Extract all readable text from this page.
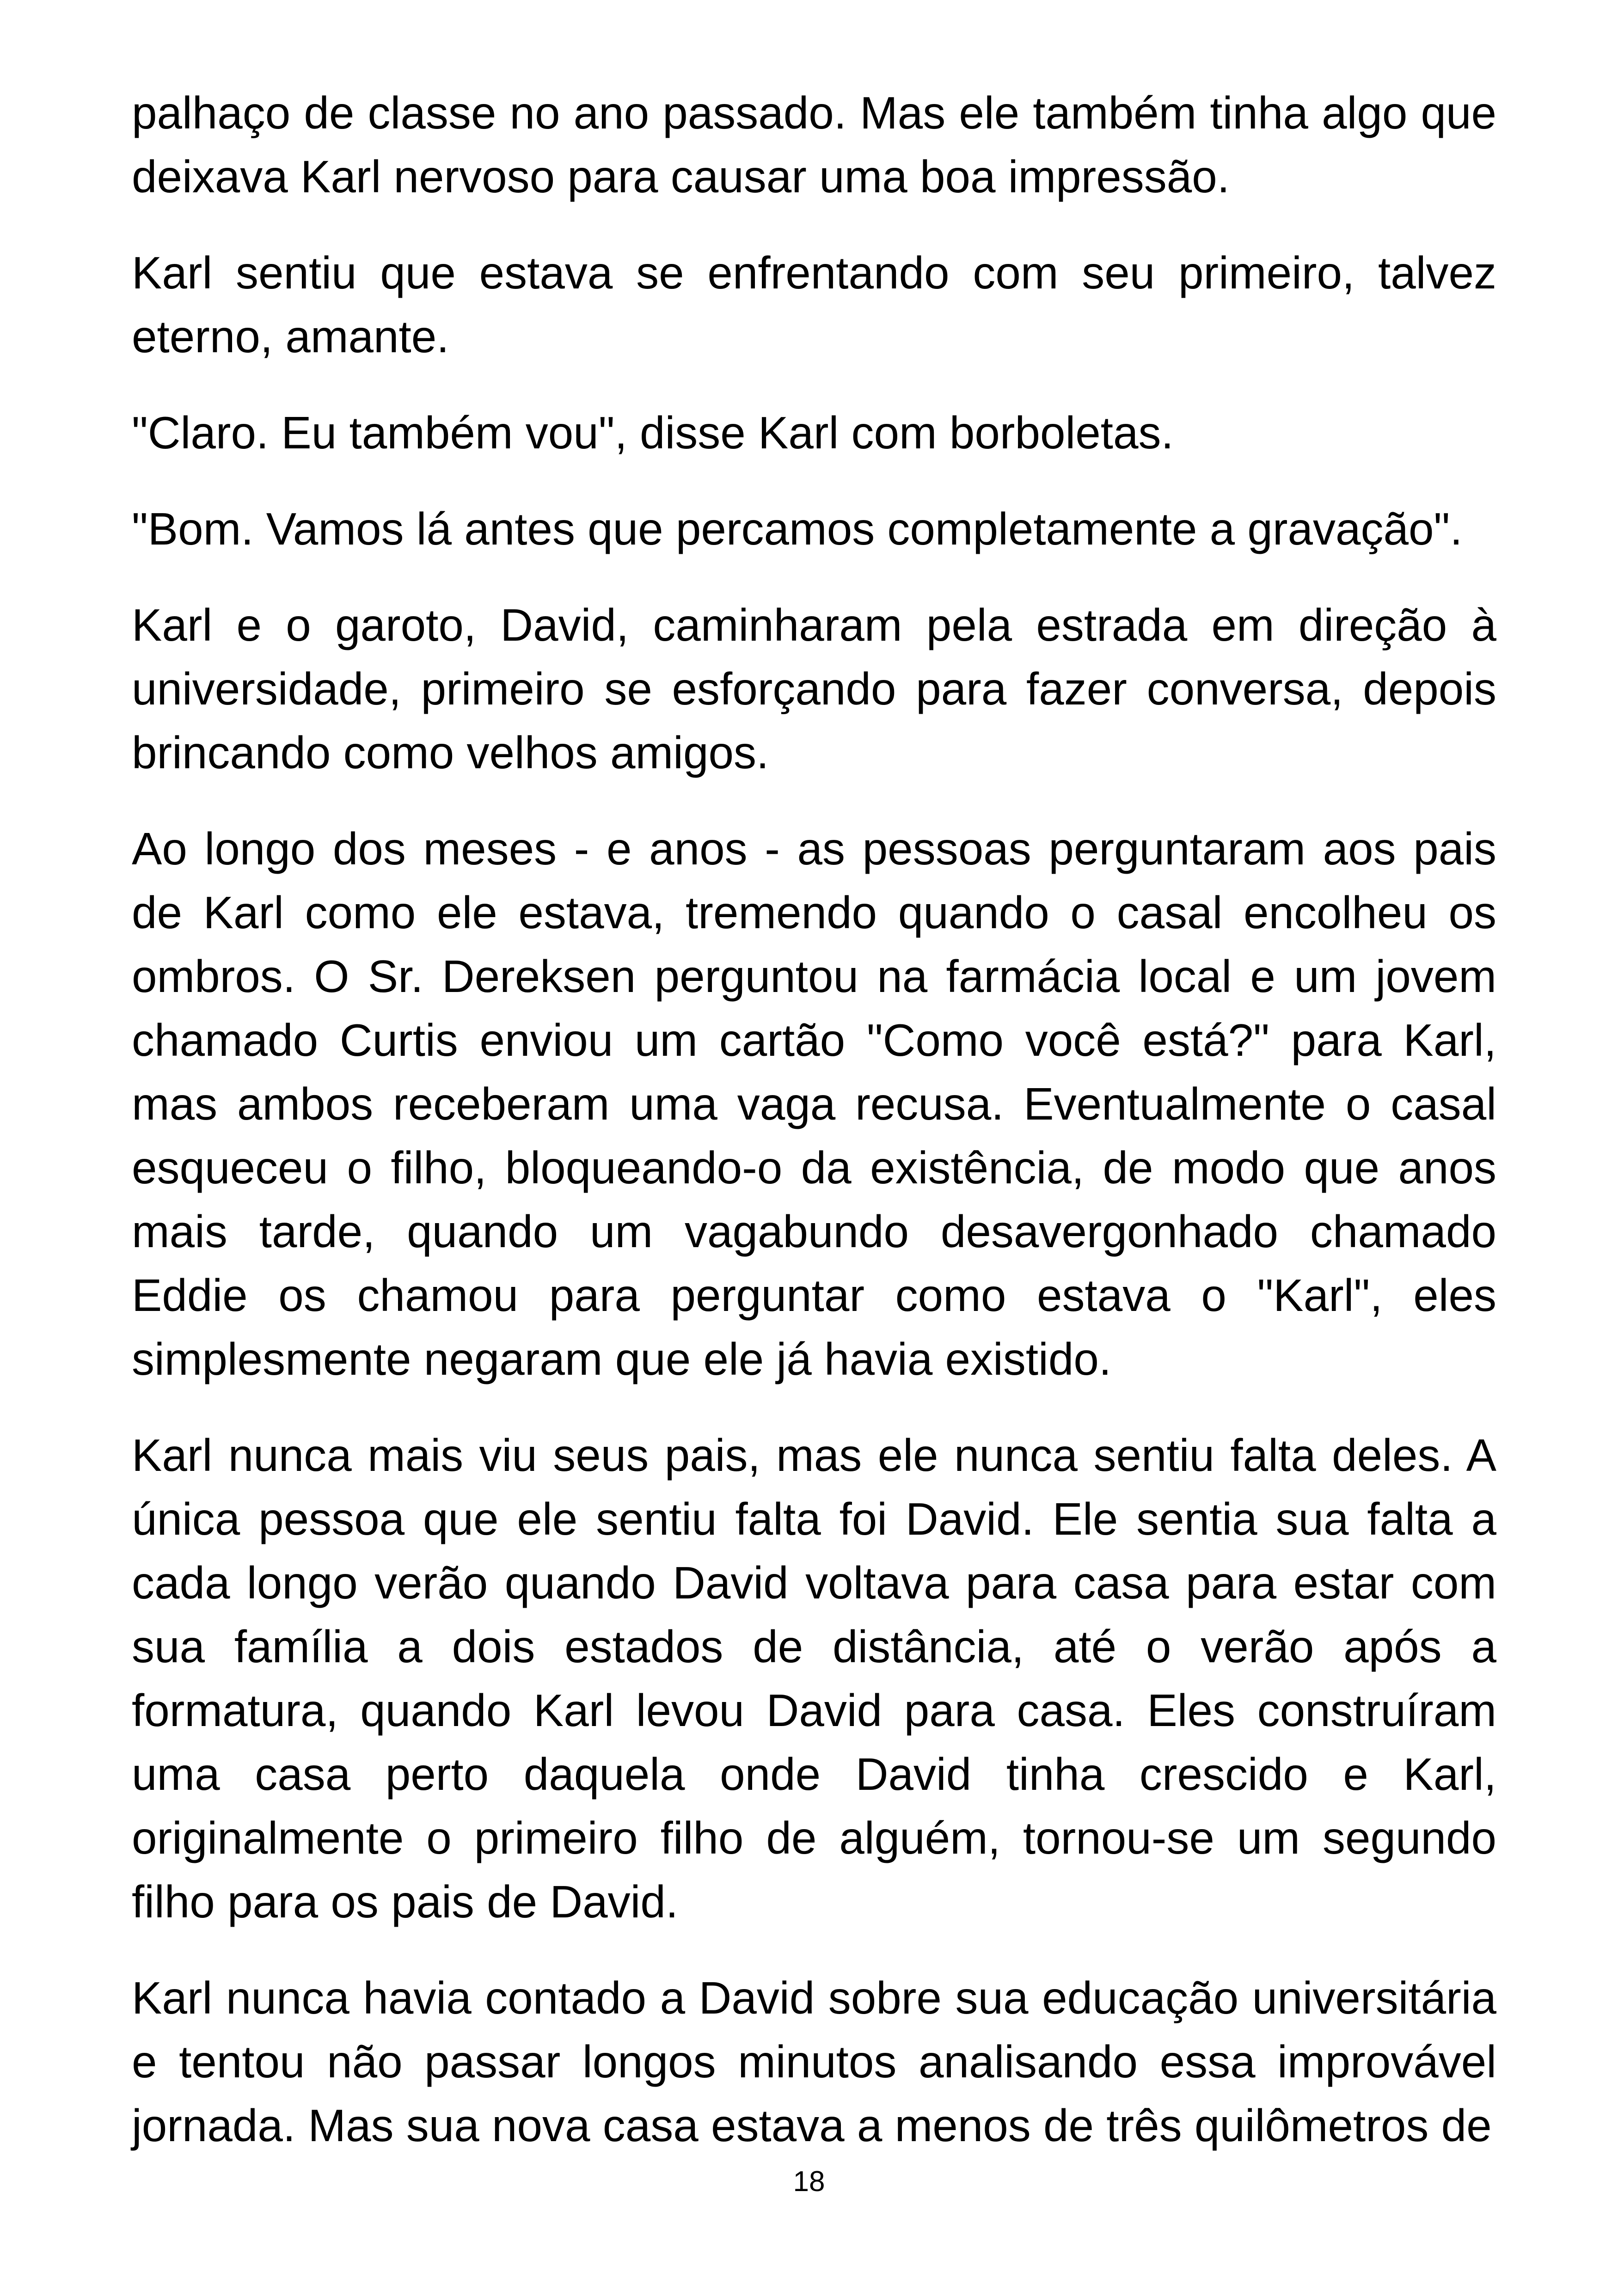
palhaço de classe no ano passado. Mas ele também tinha algo que deixava Karl nervoso para causar uma boa impressão.

Karl sentiu que estava se enfrentando com seu primeiro, talvez eterno, amante.

"Claro. Eu também vou", disse Karl com borboletas.

"Bom. Vamos lá antes que percamos completamente a gravação".

Karl e o garoto, David, caminharam pela estrada em direção à universidade, primeiro se esforçando para fazer conversa, depois brincando como velhos amigos.

Ao longo dos meses - e anos - as pessoas perguntaram aos pais de Karl como ele estava, tremendo quando o casal encolheu os ombros. O Sr. Dereksen perguntou na farmácia local e um jovem chamado Curtis enviou um cartão "Como você está?" para Karl, mas ambos receberam uma vaga recusa. Eventualmente o casal esqueceu o filho, bloqueando-o da existência, de modo que anos mais tarde, quando um vagabundo desavergonhado chamado Eddie os chamou para perguntar como estava o "Karl", eles simplesmente negaram que ele já havia existido.

Karl nunca mais viu seus pais, mas ele nunca sentiu falta deles. A única pessoa que ele sentiu falta foi David. Ele sentia sua falta a cada longo verão quando David voltava para casa para estar com sua família a dois estados de distância, até o verão após a formatura, quando Karl levou David para casa. Eles construíram uma casa perto daquela onde David tinha crescido e Karl, originalmente o primeiro filho de alguém, tornou-se um segundo filho para os pais de David.

Karl nunca havia contado a David sobre sua educação universitária e tentou não passar longos minutos analisando essa improvável jornada. Mas sua nova casa estava a menos de três quilômetros de

18
